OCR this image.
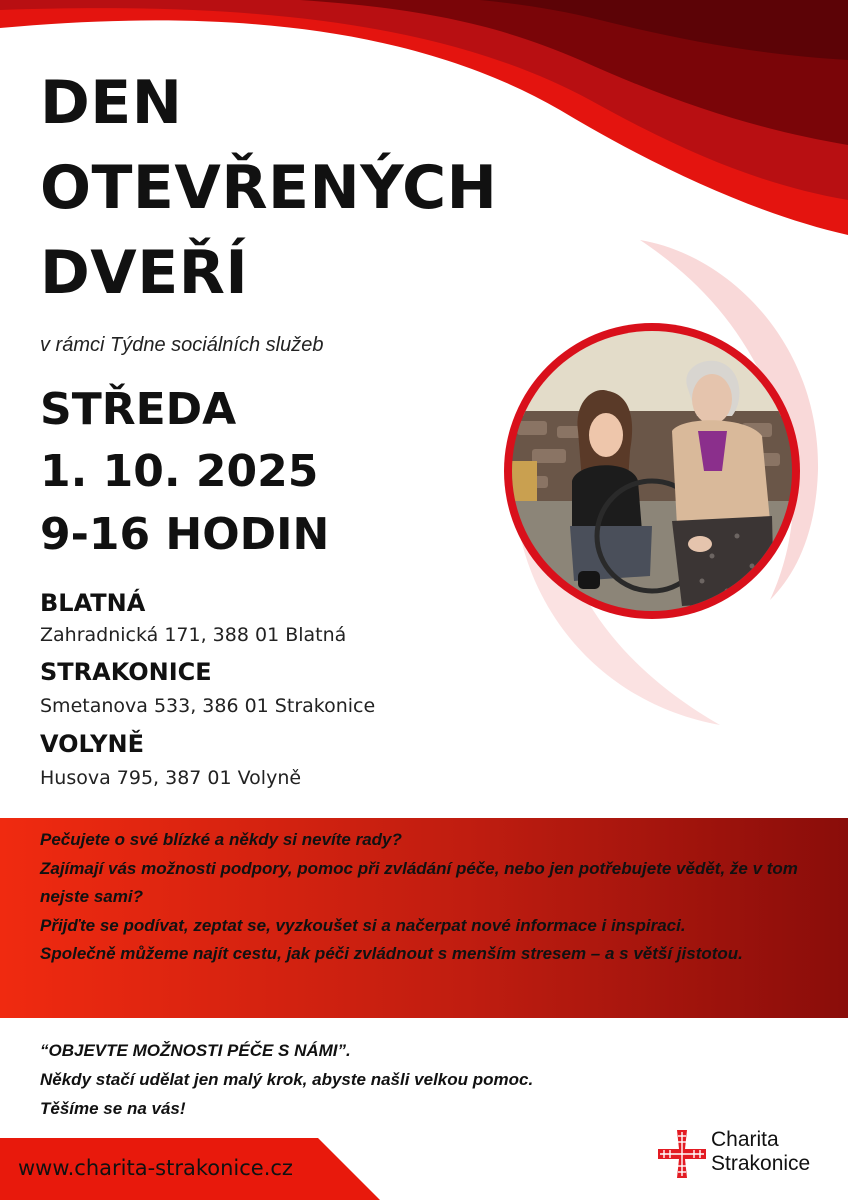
DEN
OTEVŘENÝCH
DVEŘÍ
v rámci Týdne sociálních služeb
STŘEDA
1. 10. 2025
9-16 HODIN
BLATNÁ
Zahradnická 171, 388 01 Blatná
STRAKONICE
Smetanova 533, 386 01 Strakonice
VOLYNĚ
Husova 795, 387 01 Volyně

Pečujete o své blízké a někdy si nevíte rady?

Zajímají vás možnosti podpory, pomoc při zvládání péče, nebo jen potřebujete vědět, že v tom nejste sami?

Přijďte se podívat, zeptat se, vyzkoušet si a načerpat nové informace i inspiraci.

Společně můžeme najít cestu, jak péči zvládnout s menším stresem – a s větší jistotou.

“OBJEVTE MOŽNOSTI PÉČE S NÁMI”.

Někdy stačí udělat jen malý krok, abyste našli velkou pomoc.

Těšíme se na vás!

www.charita-strakonice.cz
Charita
Strakonice
